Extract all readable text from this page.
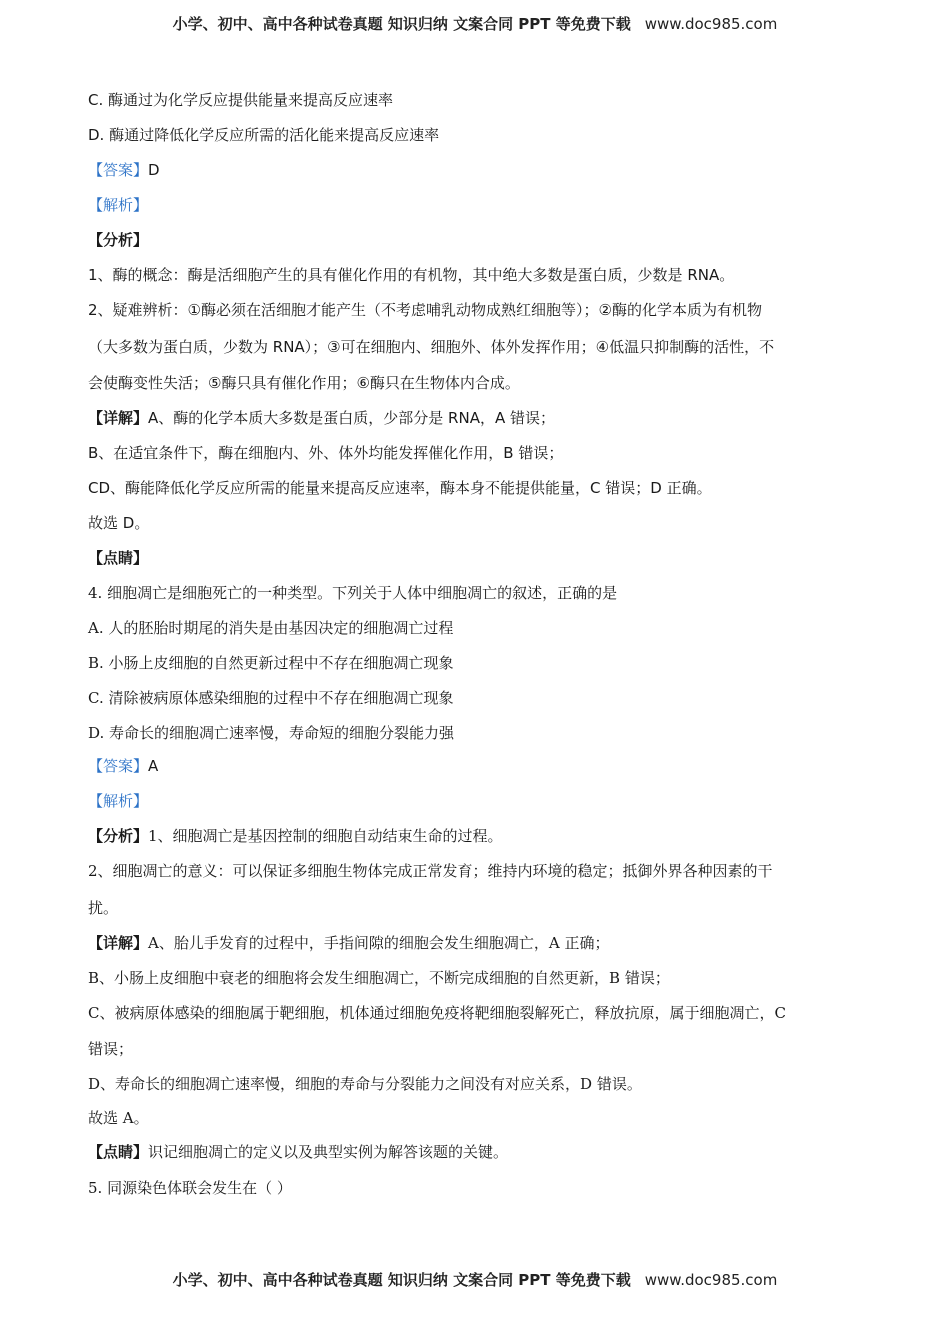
小学、初中、高中各种试卷真题 知识归纳 文案合同 PPT 等免费下载 www.doc985.com

C. 酶通过为化学反应提供能量来提高反应速率

D. 酶通过降低化学反应所需的活化能来提高反应速率

【答案】D

【解析】

【分析】

1、酶的概念：酶是活细胞产生的具有催化作用的有机物，其中绝大多数是蛋白质，少数是 RNA。

2、疑难辨析：①酶必须在活细胞才能产生（不考虑哺乳动物成熟红细胞等）；②酶的化学本质为有机物

（大多数为蛋白质，少数为 RNA）；③可在细胞内、细胞外、体外发挥作用；④低温只抑制酶的活性，不

会使酶变性失活；⑤酶只具有催化作用；⑥酶只在生物体内合成。

【详解】A、酶的化学本质大多数是蛋白质，少部分是 RNA，A 错误；

B、在适宜条件下，酶在细胞内、外、体外均能发挥催化作用，B 错误；

CD、酶能降低化学反应所需的能量来提高反应速率，酶本身不能提供能量，C 错误；D 正确。

故选 D。

【点睛】

4. 细胞凋亡是细胞死亡的一种类型。下列关于人体中细胞凋亡的叙述，正确的是

A. 人的胚胎时期尾的消失是由基因决定的细胞凋亡过程

B. 小肠上皮细胞的自然更新过程中不存在细胞凋亡现象

C. 清除被病原体感染细胞的过程中不存在细胞凋亡现象

D. 寿命长的细胞凋亡速率慢，寿命短的细胞分裂能力强

【答案】A

【解析】

【分析】1、细胞凋亡是基因控制的细胞自动结束生命的过程。

2、细胞凋亡的意义：可以保证多细胞生物体完成正常发育；维持内环境的稳定；抵御外界各种因素的干

扰。

【详解】A、胎儿手发育的过程中，手指间隙的细胞会发生细胞凋亡，A 正确；

B、小肠上皮细胞中衰老的细胞将会发生细胞凋亡，不断完成细胞的自然更新，B 错误；

C、被病原体感染的细胞属于靶细胞，机体通过细胞免疫将靶细胞裂解死亡，释放抗原，属于细胞凋亡，C

错误；

D、寿命长的细胞凋亡速率慢，细胞的寿命与分裂能力之间没有对应关系，D 错误。

故选 A。

【点睛】识记细胞凋亡的定义以及典型实例为解答该题的关键。

5. 同源染色体联会发生在（ ）

小学、初中、高中各种试卷真题 知识归纳 文案合同 PPT 等免费下载 www.doc985.com
